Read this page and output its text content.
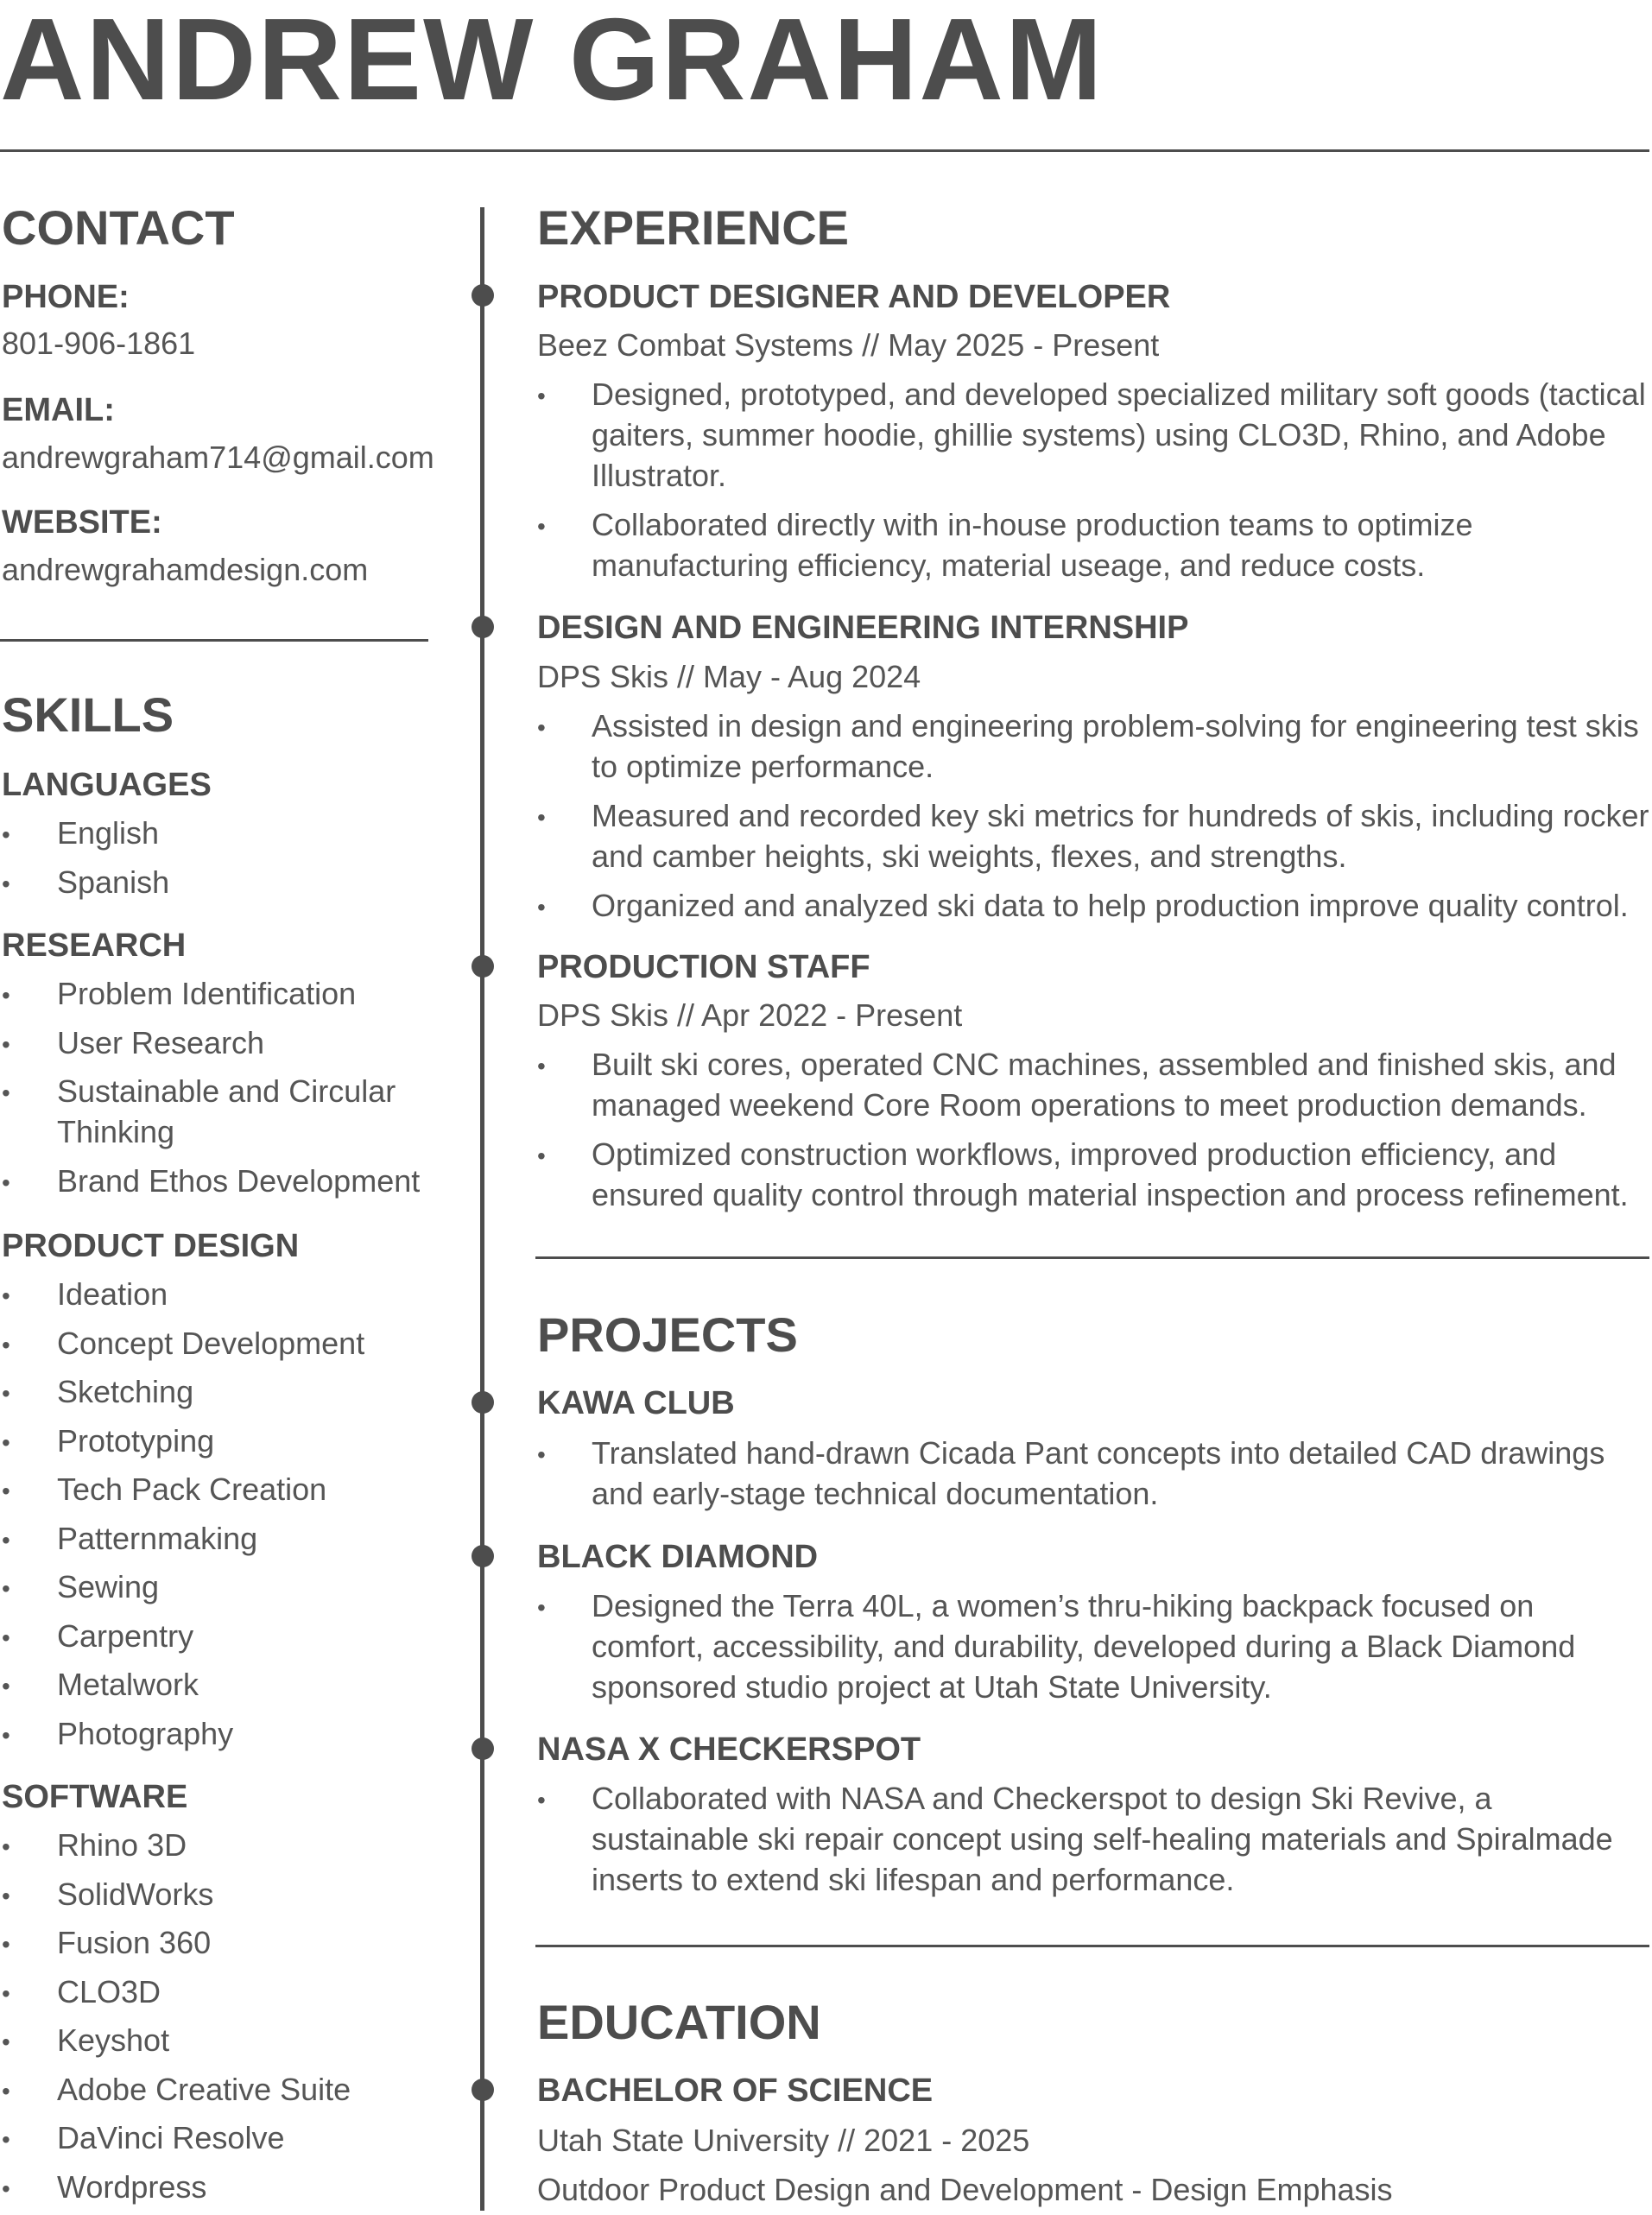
ANDREW GRAHAM
CONTACT
PHONE:
801-906-1861
EMAIL:
andrewgraham714@gmail.com
WEBSITE:
andrewgrahamdesign.com
SKILLS
LANGUAGES
• English
• Spanish
RESEARCH
• Problem Identification
• User Research
• Sustainable and Circular Thinking
• Brand Ethos Development
PRODUCT DESIGN
• Ideation
• Concept Development
• Sketching
• Prototyping
• Tech Pack Creation
• Patternmaking
• Sewing
• Carpentry
• Metalwork
• Photography
SOFTWARE
• Rhino 3D
• SolidWorks
• Fusion 360
• CLO3D
• Keyshot
• Adobe Creative Suite
• DaVinci Resolve
• Wordpress
EXPERIENCE
PRODUCT DESIGNER AND DEVELOPER
Beez Combat Systems // May 2025 - Present
• Designed, prototyped, and developed specialized military soft goods (tactical gaiters, summer hoodie, ghillie systems) using CLO3D, Rhino, and Adobe Illustrator.
• Collaborated directly with in-house production teams to optimize manufacturing efficiency, material useage, and reduce costs.
DESIGN AND ENGINEERING INTERNSHIP
DPS Skis // May - Aug 2024
• Assisted in design and engineering problem-solving for engineering test skis to optimize performance.
• Measured and recorded key ski metrics for hundreds of skis, including rocker and camber heights, ski weights, flexes, and strengths.
• Organized and analyzed ski data to help production improve quality control.
PRODUCTION STAFF
DPS Skis // Apr 2022 - Present
• Built ski cores, operated CNC machines, assembled and finished skis, and managed weekend Core Room operations to meet production demands.
• Optimized construction workflows, improved production efficiency, and ensured quality control through material inspection and process refinement.
PROJECTS
KAWA CLUB
• Translated hand-drawn Cicada Pant concepts into detailed CAD drawings and early-stage technical documentation.
BLACK DIAMOND
• Designed the Terra 40L, a women’s thru-hiking backpack focused on comfort, accessibility, and durability, developed during a Black Diamond sponsored studio project at Utah State University.
NASA X CHECKERSPOT
• Collaborated with NASA and Checkerspot to design Ski Revive, a sustainable ski repair concept using self-healing materials and Spiralmade inserts to extend ski lifespan and performance.
EDUCATION
BACHELOR OF SCIENCE
Utah State University // 2021 - 2025
Outdoor Product Design and Development - Design Emphasis
